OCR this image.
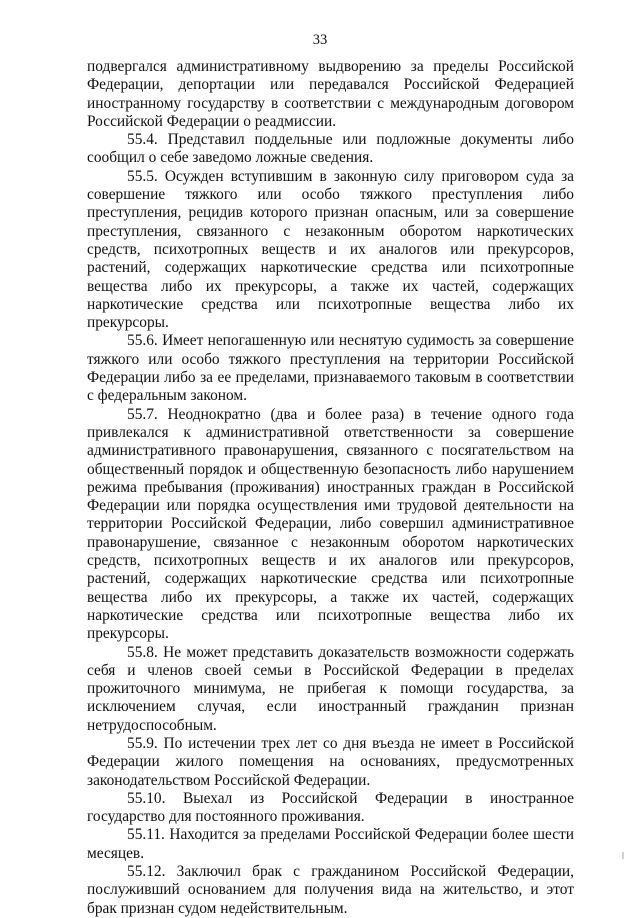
33

подвергался административному выдворению за пределы Российской Федерации, депортации или передавался Российской Федерацией иностранному государству в соответствии с международным договором Российской Федерации о реадмиссии.

55.4. Представил поддельные или подложные документы либо сообщил о себе заведомо ложные сведения.

55.5. Осужден вступившим в законную силу приговором суда за совершение тяжкого или особо тяжкого преступления либо преступления, рецидив которого признан опасным, или за совершение преступления, связанного с незаконным оборотом наркотических средств, психотропных веществ и их аналогов или прекурсоров, растений, содержащих наркотические средства или психотропные вещества либо их прекурсоры, а также их частей, содержащих наркотические средства или психотропные вещества либо их прекурсоры.

55.6. Имеет непогашенную или неснятую судимость за совершение тяжкого или особо тяжкого преступления на территории Российской Федерации либо за ее пределами, признаваемого таковым в соответствии с федеральным законом.

55.7. Неоднократно (два и более раза) в течение одного года привлекался к административной ответственности за совершение административного правонарушения, связанного с посягательством на общественный порядок и общественную безопасность либо нарушением режима пребывания (проживания) иностранных граждан в Российской Федерации или порядка осуществления ими трудовой деятельности на территории Российской Федерации, либо совершил административное правонарушение, связанное с незаконным оборотом наркотических средств, психотропных веществ и их аналогов или прекурсоров, растений, содержащих наркотические средства или психотропные вещества либо их прекурсоры, а также их частей, содержащих наркотические средства или психотропные вещества либо их прекурсоры.

55.8. Не может представить доказательств возможности содержать себя и членов своей семьи в Российской Федерации в пределах прожиточного минимума, не прибегая к помощи государства, за исключением случая, если иностранный гражданин признан нетрудоспособным.

55.9. По истечении трех лет со дня въезда не имеет в Российской Федерации жилого помещения на основаниях, предусмотренных законодательством Российской Федерации.

55.10. Выехал из Российской Федерации в иностранное государство для постоянного проживания.

55.11. Находится за пределами Российской Федерации более шести месяцев.

55.12. Заключил брак с гражданином Российской Федерации, послуживший основанием для получения вида на жительство, и этот брак признан судом недействительным.
